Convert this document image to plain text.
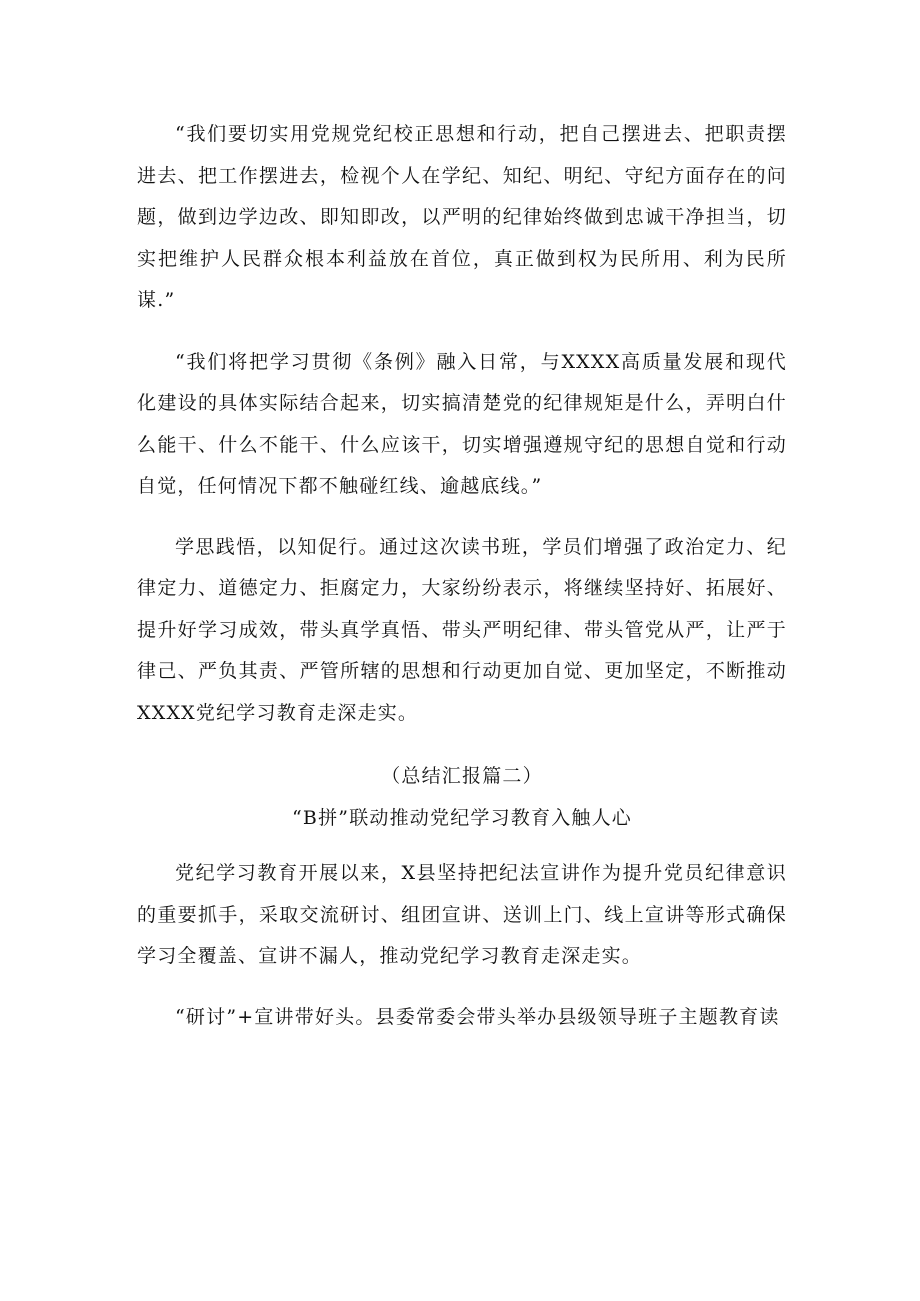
“我们要切实用党规党纪校正思想和行动，把自己摆进去、把职责摆进去、把工作摆进去，检视个人在学纪、知纪、明纪、守纪方面存在的问题，做到边学边改、即知即改，以严明的纪律始终做到忠诚干净担当，切实把维护人民群众根本利益放在首位，真正做到权为民所用、利为民所谋.”

“我们将把学习贯彻《条例》融入日常，与XXXX高质量发展和现代化建设的具体实际结合起来，切实搞清楚党的纪律规矩是什么，弄明白什么能干、什么不能干、什么应该干，切实增强遵规守纪的思想自觉和行动自觉，任何情况下都不触碰红线、逾越底线。”

学思践悟，以知促行。通过这次读书班，学员们增强了政治定力、纪律定力、道德定力、拒腐定力，大家纷纷表示，将继续坚持好、拓展好、提升好学习成效，带头真学真悟、带头严明纪律、带头管党从严，让严于律己、严负其责、严管所辖的思想和行动更加自觉、更加坚定，不断推动XXXX党纪学习教育走深走实。

（总结汇报篇二）
“B拼”联动推动党纪学习教育入触人心

党纪学习教育开展以来，X县坚持把纪法宣讲作为提升党员纪律意识的重要抓手，采取交流研讨、组团宣讲、送训上门、线上宣讲等形式确保学习全覆盖、宣讲不漏人，推动党纪学习教育走深走实。

“研讨”+宣讲带好头。县委常委会带头举办县级领导班子主题教育读
